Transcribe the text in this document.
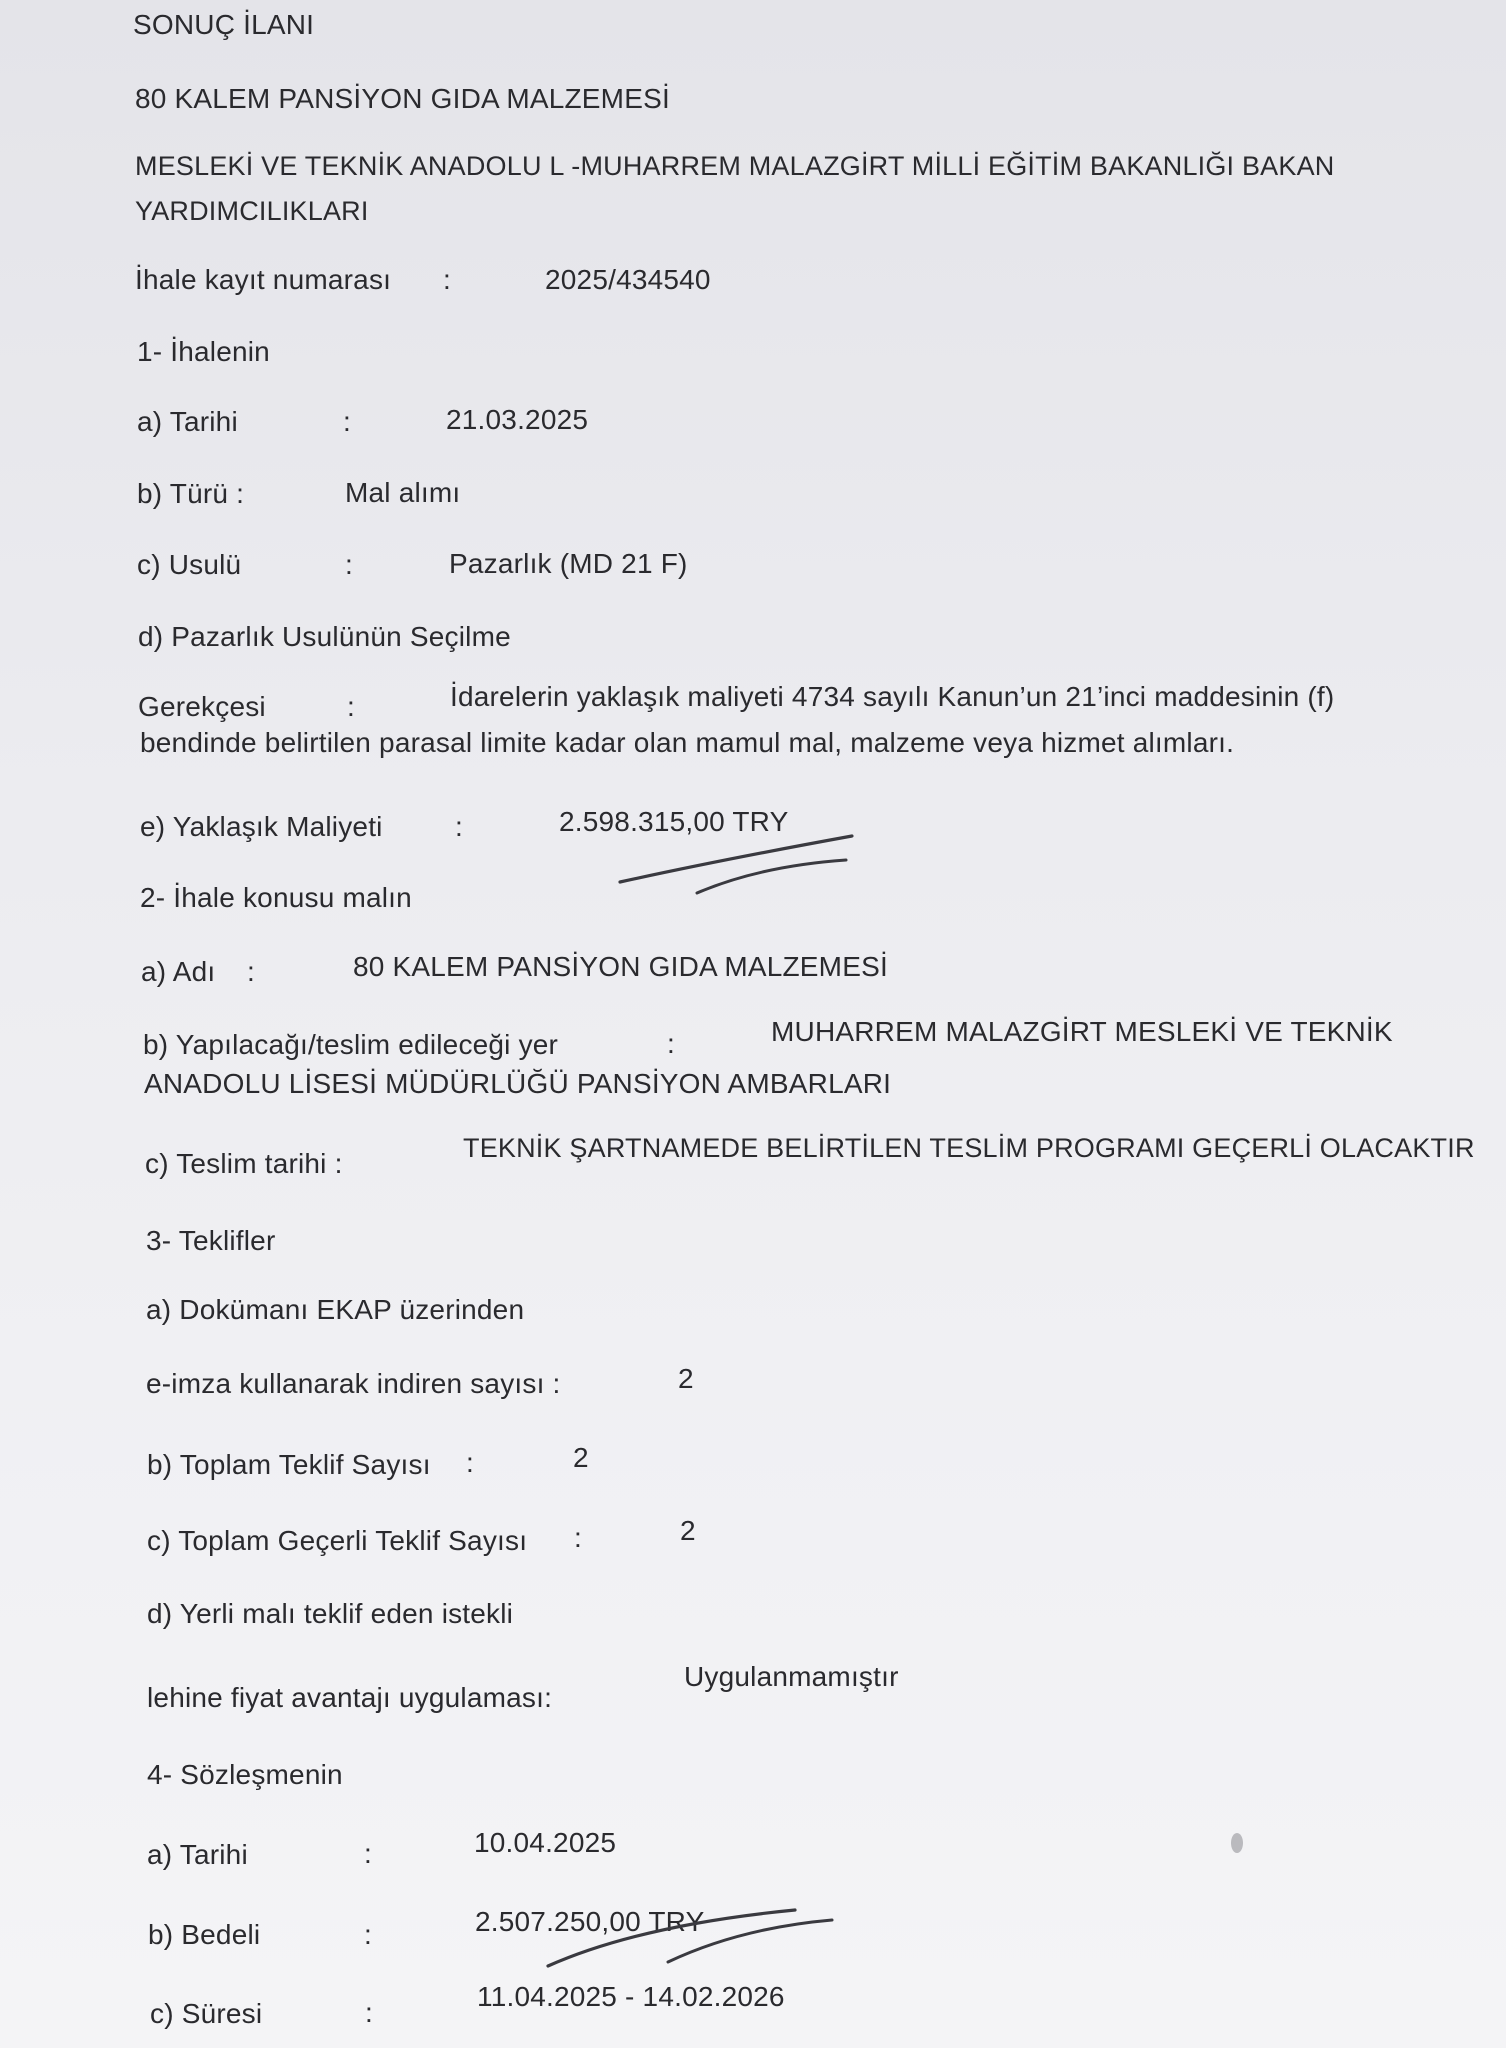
SONUÇ İLANI
80 KALEM PANSİYON GIDA MALZEMESİ
MESLEKİ VE TEKNİK ANADOLU L -MUHARREM MALAZGİRT MİLLİ EĞİTİM BAKANLIĞI BAKAN
YARDIMCILIKLARI
İhale kayıt numarası :	2025/434540
1- İhalenin
a) Tarihi	:	21.03.2025
b) Türü :	Mal alımı
c) Usulü	:	Pazarlık (MD 21 F)
d) Pazarlık Usulünün Seçilme
Gerekçesi	:	İdarelerin yaklaşık maliyeti 4734 sayılı Kanun’un 21’inci maddesinin (f)
bendinde belirtilen parasal limite kadar olan mamul mal, malzeme veya hizmet alımları.
e) Yaklaşık Maliyeti	:	2.598.315,00 TRY
2- İhale konusu malın
a) Adı :	80 KALEM PANSİYON GIDA MALZEMESİ
b) Yapılacağı/teslim edileceği yer	:	MUHARREM MALAZGİRT MESLEKİ VE TEKNİK
ANADOLU LİSESİ MÜDÜRLÜĞÜ PANSİYON AMBARLARI
c) Teslim tarihi :	TEKNİK ŞARTNAMEDE BELİRTİLEN TESLİM PROGRAMI GEÇERLİ OLACAKTIR
3- Teklifler
a) Dokümanı EKAP üzerinden
e-imza kullanarak indiren sayısı :	2
b) Toplam Teklif Sayısı :	2
c) Toplam Geçerli Teklif Sayısı :	2
d) Yerli malı teklif eden istekli
lehine fiyat avantajı uygulaması:
Uygulanmamıştır
4- Sözleşmenin
a) Tarihi	:	10.04.2025
b) Bedeli	:	2.507.250,00 TRY
c) Süresi	:
11.04.2025 - 14.02.2026
